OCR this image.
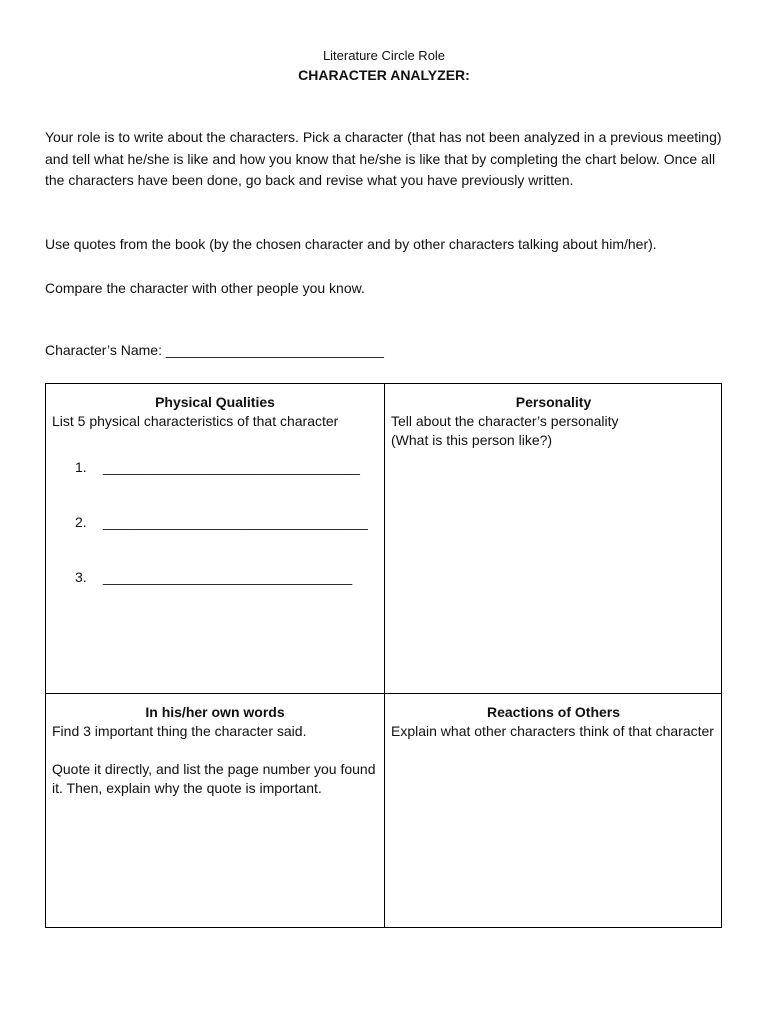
Literature Circle Role
CHARACTER ANALYZER:
Your role is to write about the characters. Pick a character (that has not been analyzed in a previous meeting) and tell what he/she is like and how you know that he/she is like that by completing the chart below. Once all the characters have been done, go back and revise what you have previously written.
Use quotes from the book (by the chosen character and by other characters talking about him/her).
Compare the character with other people you know.
Character’s Name: ____________________________
Physical Qualities
List 5 physical characteristics of that character
1. _________________________________
2. __________________________________
3. ________________________________
Personality
Tell about the character’s personality
(What is this person like?)
In his/her own words
Find 3 important thing the character said.
Quote it directly, and list the page number you found it. Then, explain why the quote is important.
Reactions of Others
Explain what other characters think of that character
